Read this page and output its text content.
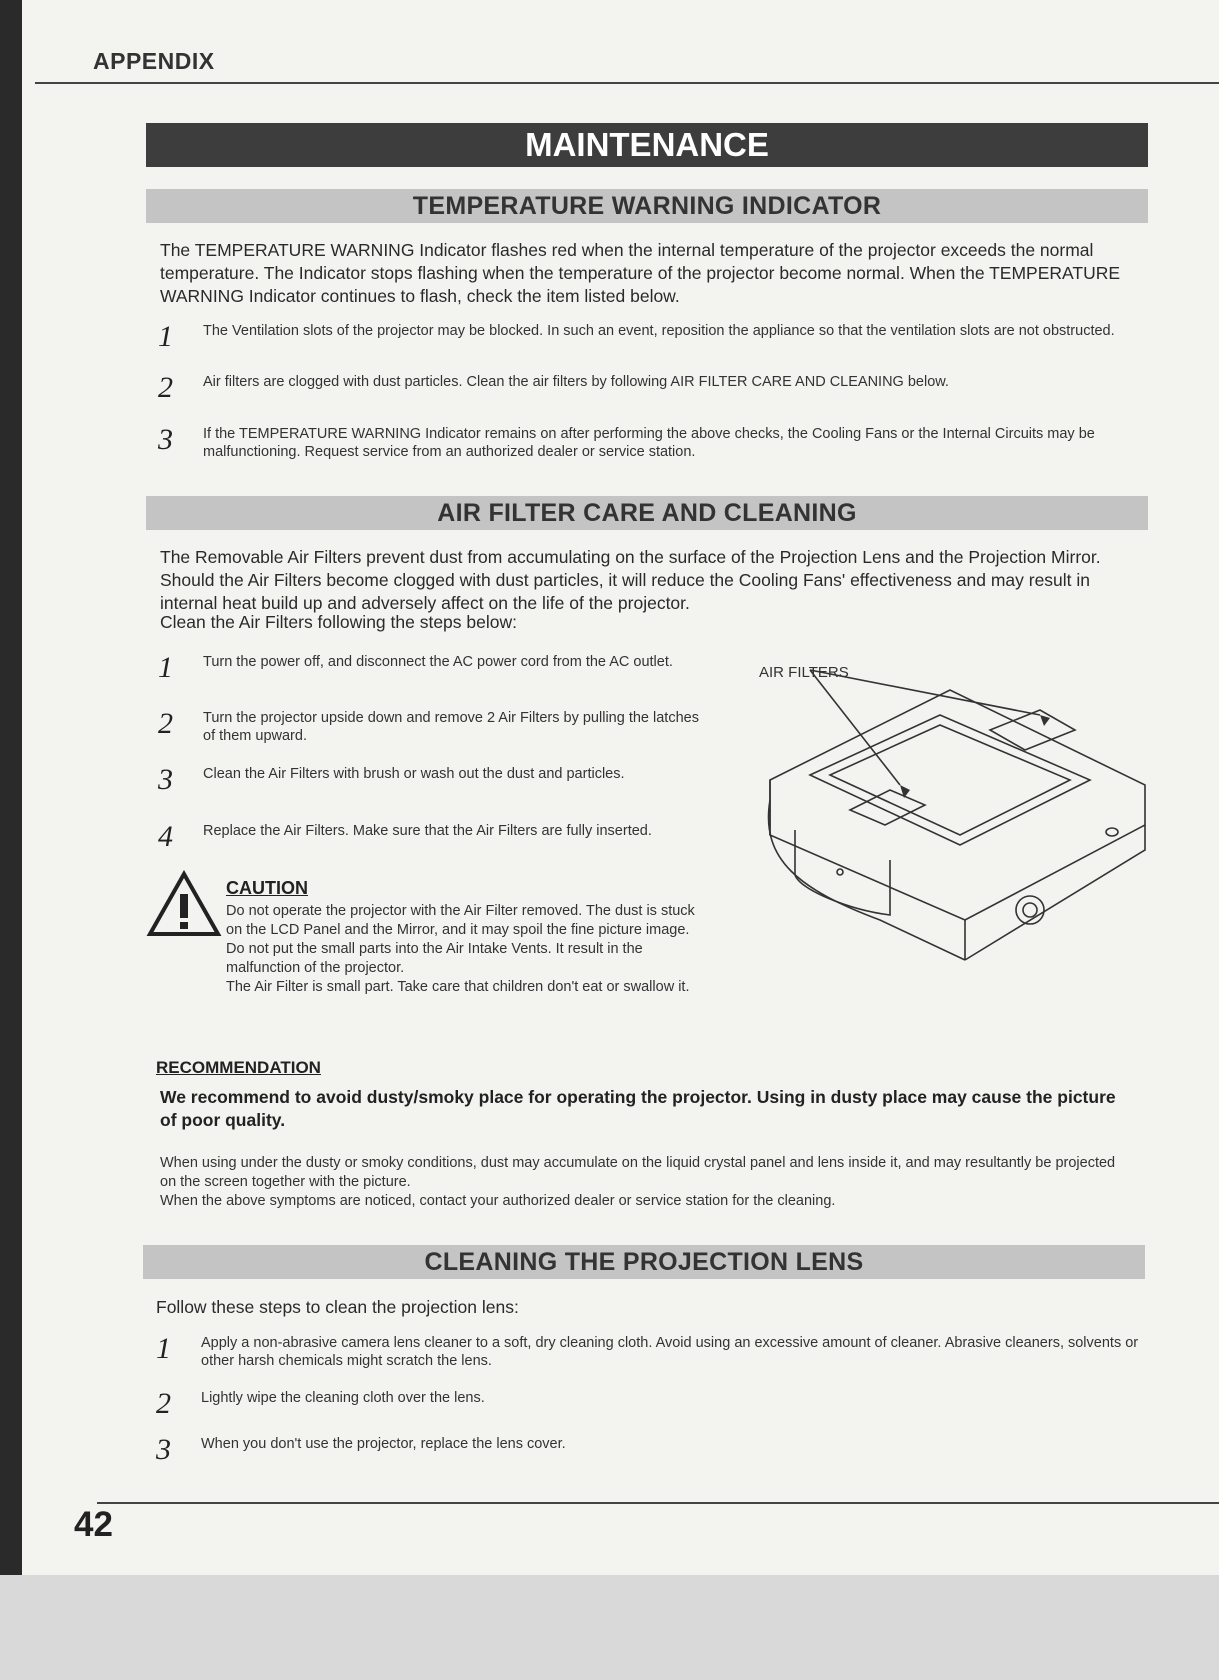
APPENDIX
MAINTENANCE
TEMPERATURE WARNING INDICATOR
The TEMPERATURE WARNING Indicator flashes red when the internal temperature of the projector exceeds the normal temperature. The Indicator stops flashing when the temperature of the projector become normal. When the TEMPERATURE WARNING Indicator continues to flash, check the item listed below.
1	The Ventilation slots of the projector may be blocked. In such an event, reposition the appliance so that the ventilation slots are not obstructed.
2	Air filters are clogged with dust particles. Clean the air filters by following AIR FILTER CARE AND CLEANING below.
3	If the TEMPERATURE WARNING Indicator remains on after performing the above checks, the Cooling Fans or the Internal Circuits may be malfunctioning. Request service from an authorized dealer or service station.
AIR FILTER CARE AND CLEANING
The Removable Air Filters prevent dust from accumulating on the surface of the Projection Lens and the Projection Mirror. Should the Air Filters become clogged with dust particles, it will reduce the Cooling Fans' effectiveness and may result in internal heat build up and adversely affect on the life of the projector.
Clean the Air Filters following the steps below:
1	Turn the power off, and disconnect the AC power cord from the AC outlet.
2	Turn the projector upside down and remove 2 Air Filters by pulling the latches of them upward.
3	Clean the Air Filters with brush or wash out the dust and particles.
4	Replace the Air Filters. Make sure that the Air Filters are fully inserted.
CAUTION
Do not operate the projector with the Air Filter removed. The dust is stuck on the LCD Panel and the Mirror, and it may spoil the fine picture image.
Do not put the small parts into the Air Intake Vents. It result in the malfunction of the projector.
The Air Filter is small part. Take care that children don't eat or swallow it.
AIR FILTERS
RECOMMENDATION
We recommend to avoid dusty/smoky place for operating the projector. Using in dusty place may cause the picture of poor quality.
When using under the dusty or smoky conditions, dust may accumulate on the liquid crystal panel and lens inside it, and may resultantly be projected on the screen together with the picture.
When the above symptoms are noticed, contact your authorized dealer or service station for the cleaning.
CLEANING THE PROJECTION LENS
Follow these steps to clean the projection lens:
1	Apply a non-abrasive camera lens cleaner to a soft, dry cleaning cloth. Avoid using an excessive amount of cleaner. Abrasive cleaners, solvents or other harsh chemicals might scratch the lens.
2	Lightly wipe the cleaning cloth over the lens.
3	When you don't use the projector, replace the lens cover.
42
